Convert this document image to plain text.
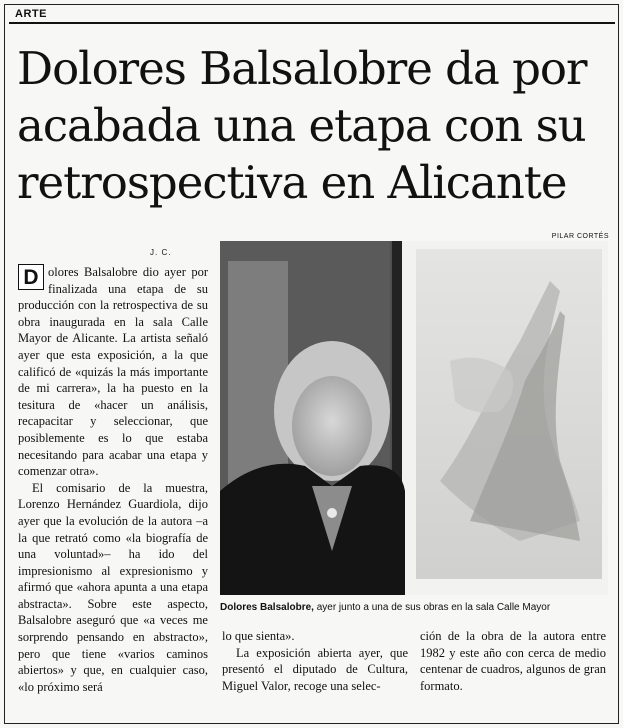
ARTE
Dolores Balsalobre da por acabada una etapa con su retrospectiva en Alicante
J. C.
D olores Balsalobre dio ayer por finalizada una etapa de su producción con la retrospectiva de su obra inaugurada en la sala Calle Mayor de Alicante. La artista señaló ayer que esta exposición, a la que calificó de «quizás la más importante de mi carrera», la ha puesto en la tesitura de «hacer un análisis, recapacitar y seleccionar, que posiblemente es lo que estaba necesitando para acabar una etapa y comenzar otra».

El comisario de la muestra, Lorenzo Hernández Guardiola, dijo ayer que la evolución de la autora –a la que retrató como «la biografía de una voluntad»– ha ido del impresionismo al expresionismo y afirmó que «ahora apunta a una etapa abstracta». Sobre este aspecto, Balsalobre aseguró que «a veces me sorprendo pensando en abstracto», pero que tiene «varios caminos abiertos» y que, en cualquier caso, «lo próximo será

PILAR CORTÉS
Dolores Balsalobre, ayer junto a una de sus obras en la sala Calle Mayor

lo que sienta».

La exposición abierta ayer, que presentó el diputado de Cultura, Miguel Valor, recoge una selec-

ción de la obra de la autora entre 1982 y este año con cerca de medio centenar de cuadros, algunos de gran formato.
